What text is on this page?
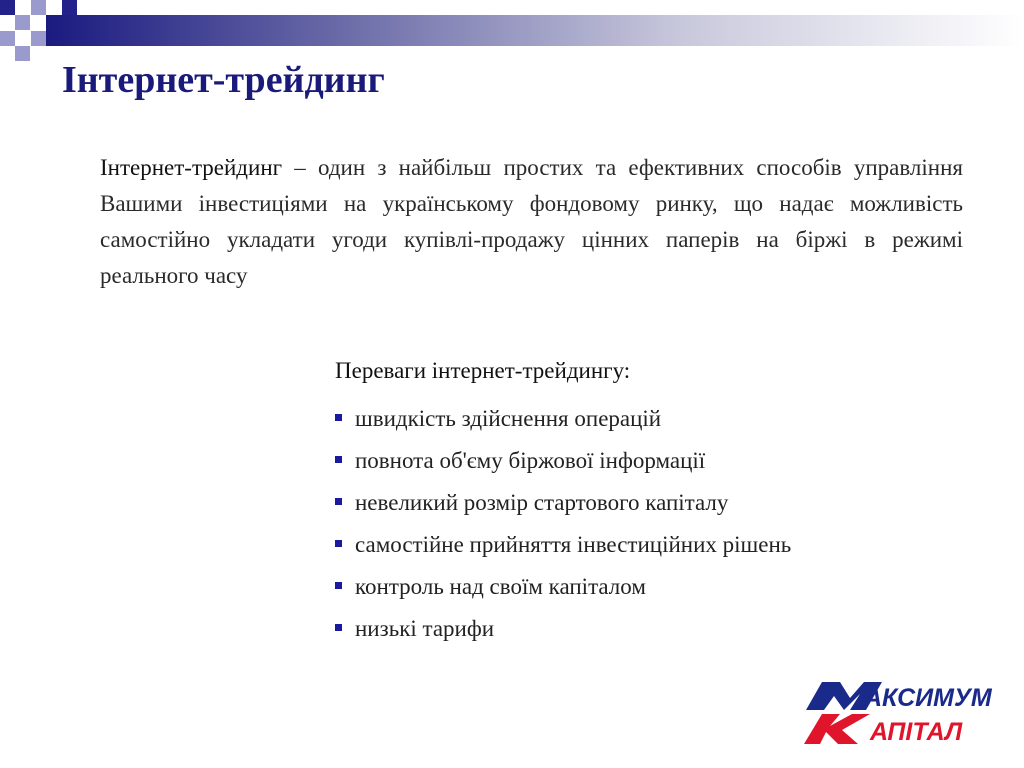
Інтернет-трейдинг
Інтернет-трейдинг – один з найбільш простих та ефективних способів управління Вашими інвестиціями на українському фондовому ринку, що надає можливість самостійно укладати угоди купівлі-продажу цінних паперів на біржі в режимі реального часу
Переваги інтернет-трейдингу:
швидкість здійснення операцій
повнота об'єму біржової інформації
невеликий розмір стартового капіталу
самостійне прийняття інвестиційних рішень
контроль над своїм капіталом
низькі тарифи
АКСИМУМ
АПІТАЛ
